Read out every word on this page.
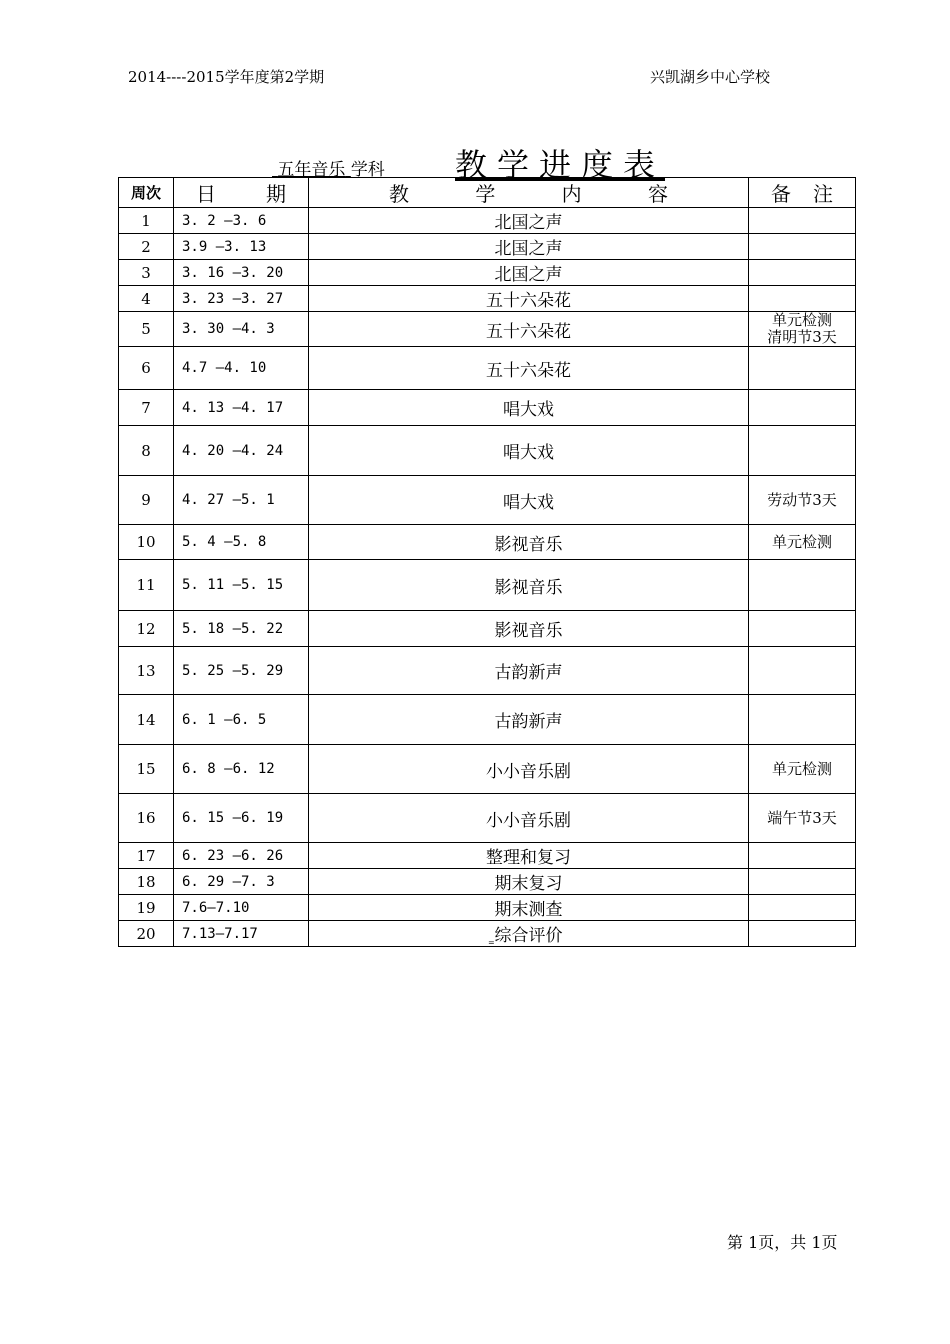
2014----2015学年度第2学期	兴凯湖乡中心学校
五年音乐 学科 教学进度表
周次	日 期	教 学 内 容	备 注

1	3. 2 —3. 6	北国之声	
2	3.9 —3. 13	北国之声	
3	3. 16 —3. 20	北国之声	
4	3. 23 —3. 27	五十六朵花	
5	3. 30 —4. 3	五十六朵花	单元检测
清明节3天
6	4.7 —4. 10	五十六朵花	
7	4. 13 —4. 17	唱大戏	
8	4. 20 —4. 24	唱大戏	
9	4. 27 —5. 1	唱大戏	劳动节3天
10	5. 4 —5. 8	影视音乐	单元检测
11	5. 11 —5. 15	影视音乐	
12	5. 18 —5. 22	影视音乐	
13	5. 25 —5. 29	古韵新声	
14	6. 1 —6. 5	古韵新声	
15	6. 8 —6. 12	小小音乐剧	单元检测
16	6. 15 —6. 19	小小音乐剧	端午节3天
17	6. 23 —6. 26	整理和复习	
18	6. 29 —7. 3	期末复习	
19	7.6—7.10	期末测查	
20	7.13—7.17	综合评价	
=
第 1页，共 1页
